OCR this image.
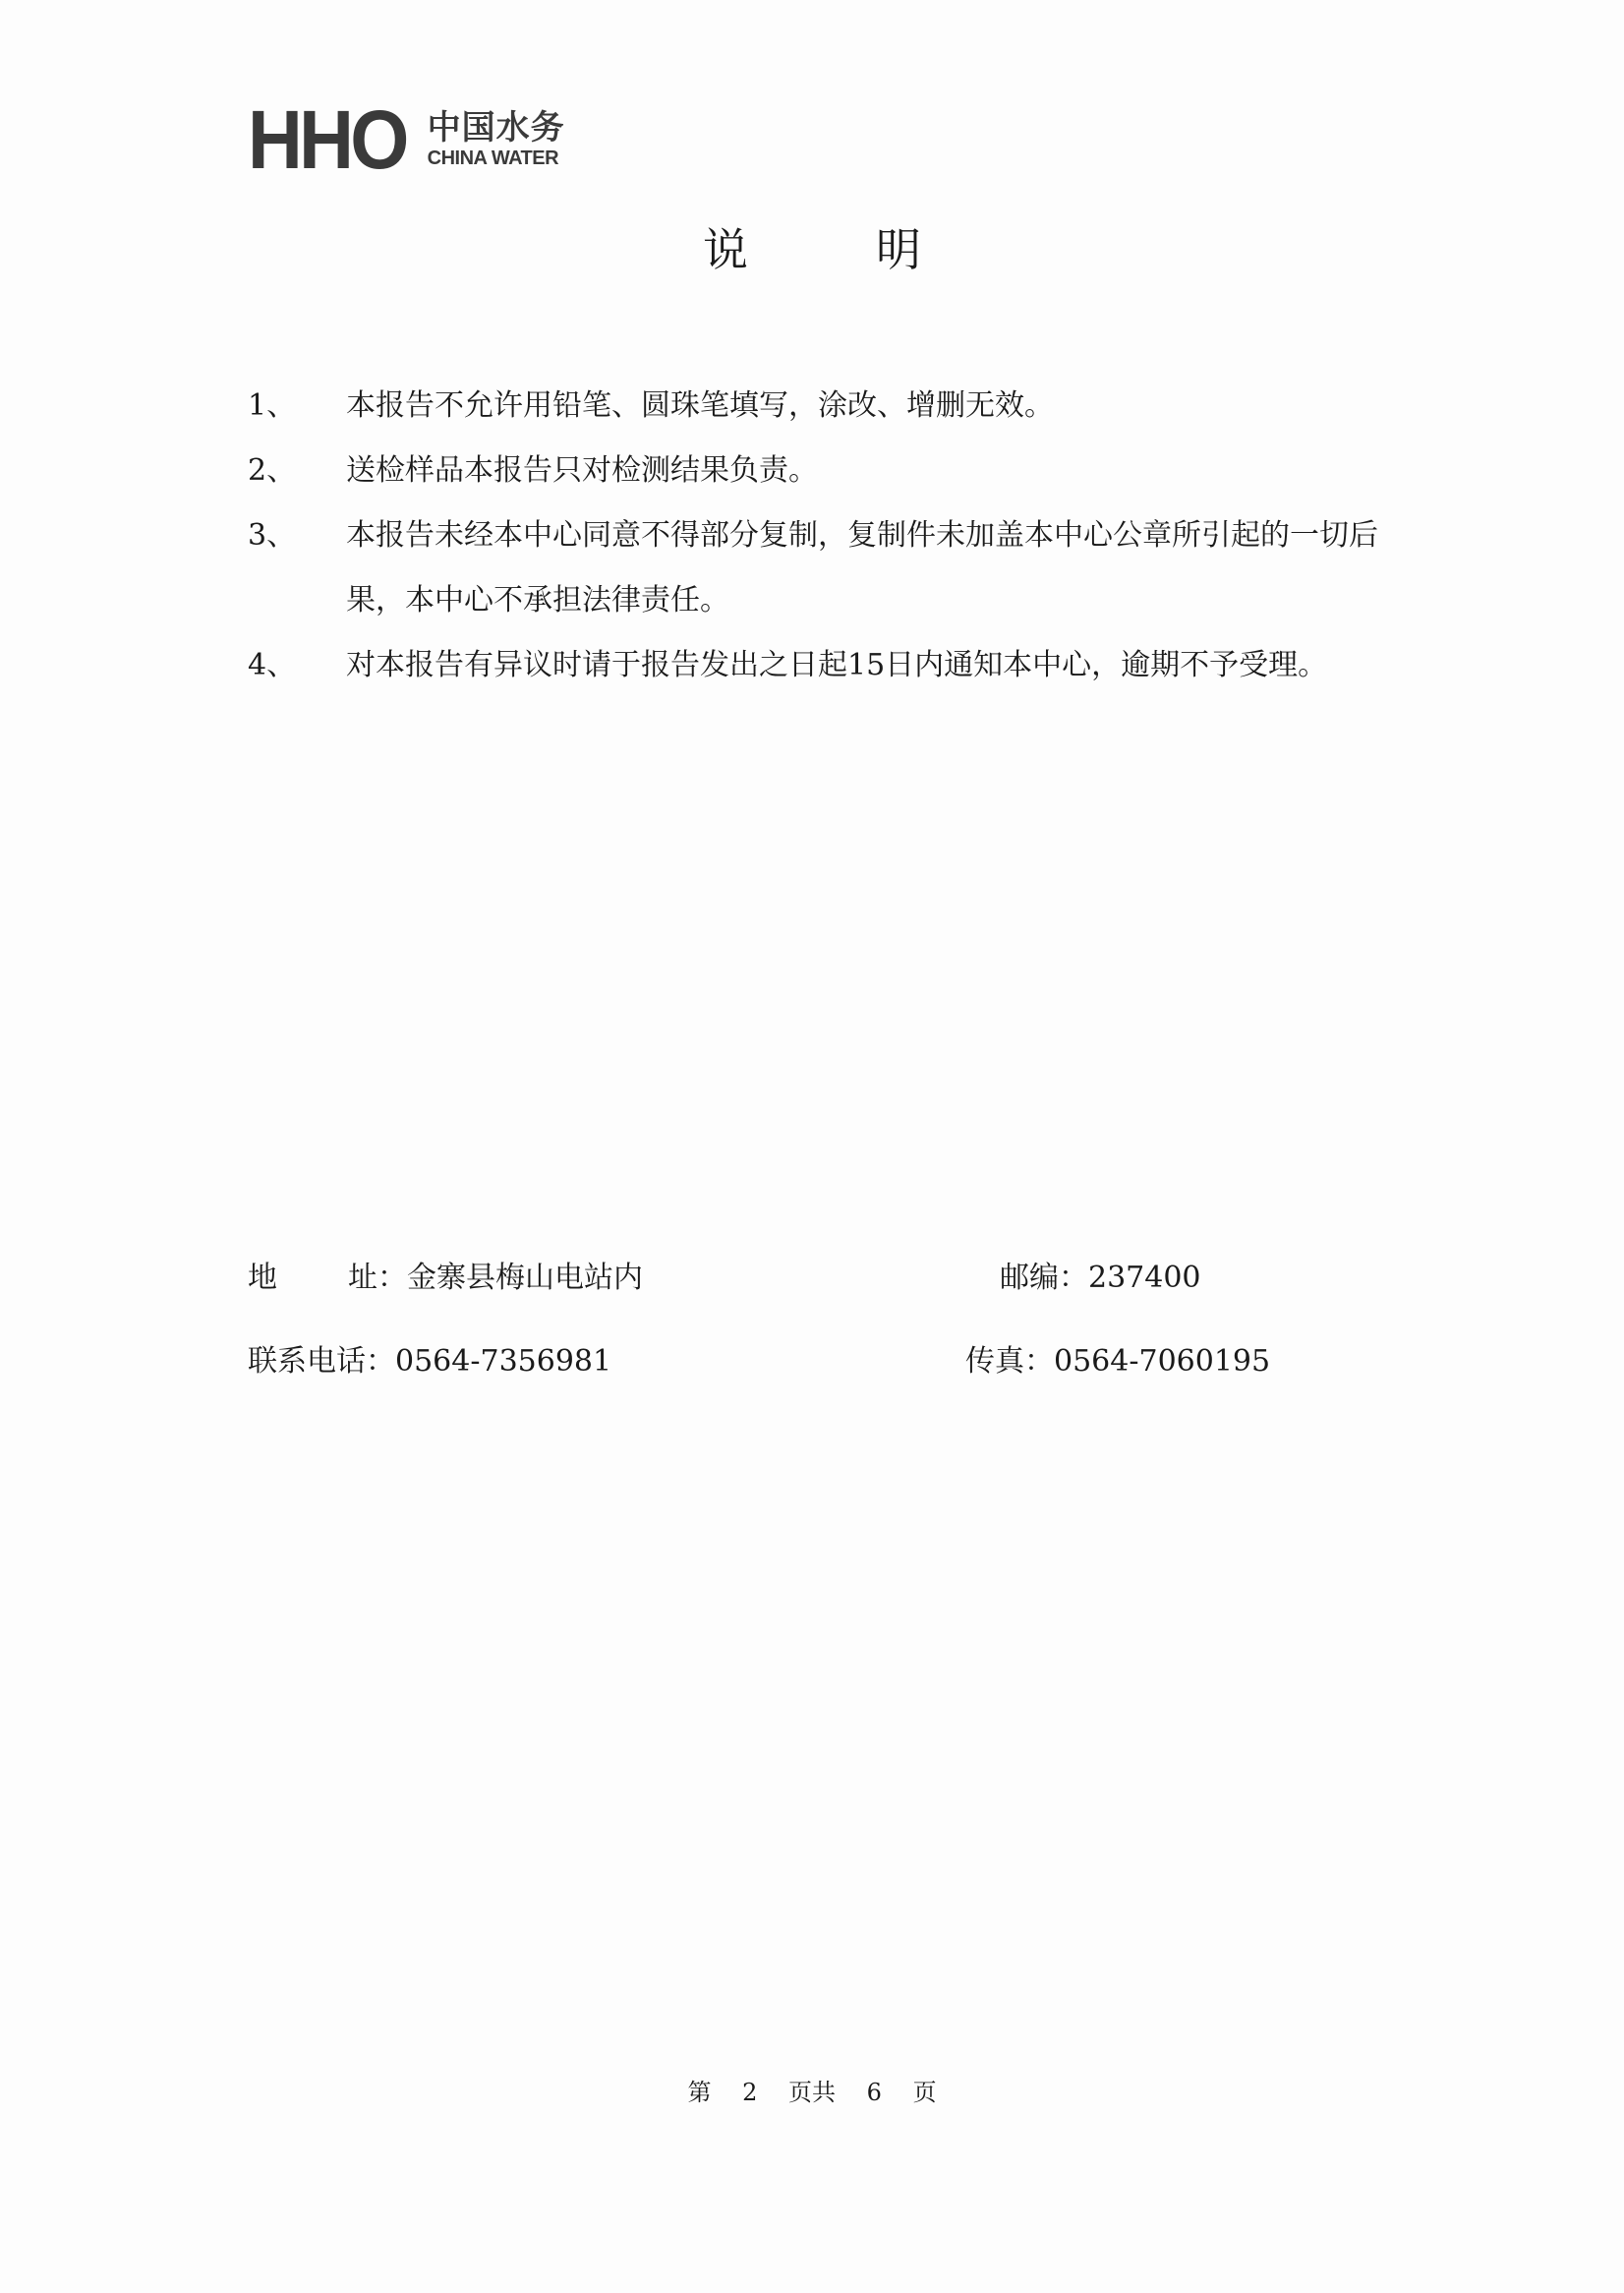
HHO 中国水务
CHINA WATER
说明
1、	本报告不允许用铅笔、圆珠笔填写，涂改、增删无效。
2、	送检样品本报告只对检测结果负责。
3、	本报告未经本中心同意不得部分复制，复制件未加盖本中心公章所引起的一切后果，本中心不承担法律责任。
4、	对本报告有异议时请于报告发出之日起15日内通知本中心，逾期不予受理。
地 址：金寨县梅山电站内	邮编：237400
联系电话：0564-7356981	传真：0564-7060195
第 2 页共 6 页
